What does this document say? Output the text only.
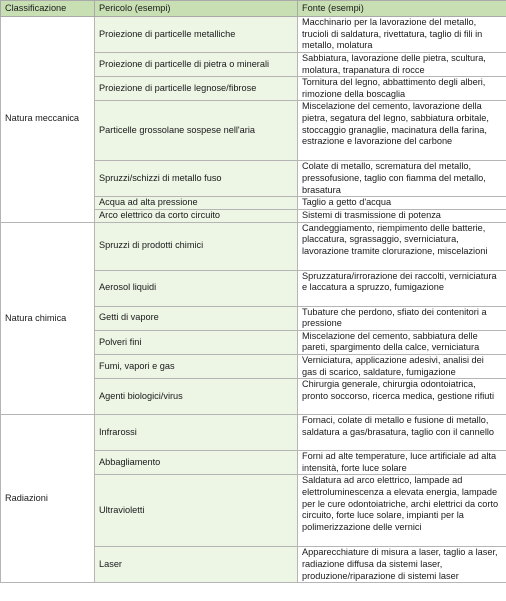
Classificazione	Pericolo (esempi)	Fonte (esempi)
Natura meccanica	Proiezione di particelle metalliche	Macchinario per la lavorazione del metallo, trucioli di saldatura, rivettatura, taglio di fili in metallo, molatura
	Proiezione di particelle di pietra o minerali	Sabbiatura, lavorazione delle pietra, scultura, molatura, trapanatura di rocce
	Proiezione di particelle legnose/fibrose	Tornitura del legno, abbattimento degli alberi, rimozione della boscaglia
	Particelle grossolane sospese nell'aria	Miscelazione del cemento, lavorazione della pietra, segatura del legno, sabbiatura orbitale, stoccaggio granaglie, macinatura della farina, estrazione e lavorazione del carbone
	Spruzzi/schizzi di metallo fuso	Colate di metallo, scrematura del metallo, pressofusione, taglio con fiamma del metallo, brasatura
	Acqua ad alta pressione	Taglio a getto d'acqua
	Arco elettrico da corto circuito	Sistemi di trasmissione di potenza
Natura chimica	Spruzzi di prodotti chimici	Candeggiamento, riempimento delle batterie, placcatura, sgrassaggio, sverniciatura, lavorazione tramite clorurazione, miscelazioni
	Aerosol liquidi	Spruzzatura/irrorazione dei raccolti, verniciatura e laccatura a spruzzo, fumigazione
	Getti di vapore	Tubature che perdono, sfiato dei contenitori a pressione
	Polveri fini	Miscelazione del cemento, sabbiatura delle pareti, spargimento della calce, verniciatura
	Fumi, vapori e gas	Verniciatura, applicazione adesivi, analisi dei gas di scarico, saldature, fumigazione
	Agenti biologici/virus	Chirurgia generale, chirurgia odontoiatrica, pronto soccorso, ricerca medica, gestione rifiuti
Radiazioni	Infrarossi	Fornaci, colate di metallo e fusione di metallo, saldatura a gas/brasatura, taglio con il cannello
	Abbagliamento	Forni ad alte temperature, luce artificiale ad alta intensità, forte luce solare
	Ultravioletti	Saldatura ad arco elettrico, lampade ad elettroluminescenza a elevata energia, lampade per le cure odontoiatriche, archi elettrici da corto circuito, forte luce solare, impianti per la polimerizzazione delle vernici
	Laser	Apparecchiature di misura a laser, taglio a laser, radiazione diffusa da sistemi laser, produzione/riparazione di sistemi laser
